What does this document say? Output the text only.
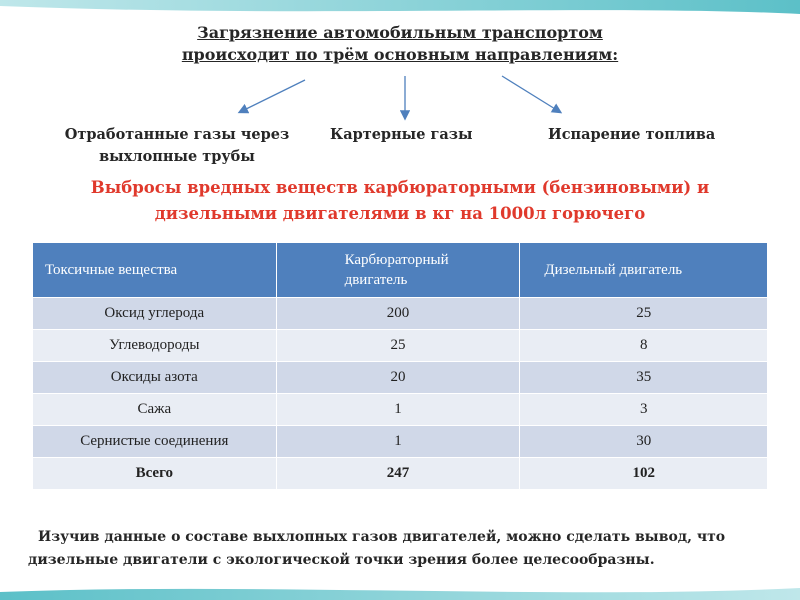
Загрязнение автомобильным транспортом
происходит по трём основным направлениям:
Отработанные газы через
выхлопные трубы
Картерные газы	Испарение топлива
Выбросы вредных веществ карбюраторными (бензиновыми) и
дизельными двигателями в кг на 1000л горючего
Токсичные вещества	Карбюраторный двигатель	Дизельный двигатель
Оксид углерода	200	25
Углеводороды	25	8
Оксиды азота	20	35
Сажа	1	3
Сернистые соединения	1	30
Всего	247	102
Изучив данные о составе выхлопных газов двигателей, можно сделать вывод, что
дизельные двигатели с экологической точки зрения более целесообразны.
